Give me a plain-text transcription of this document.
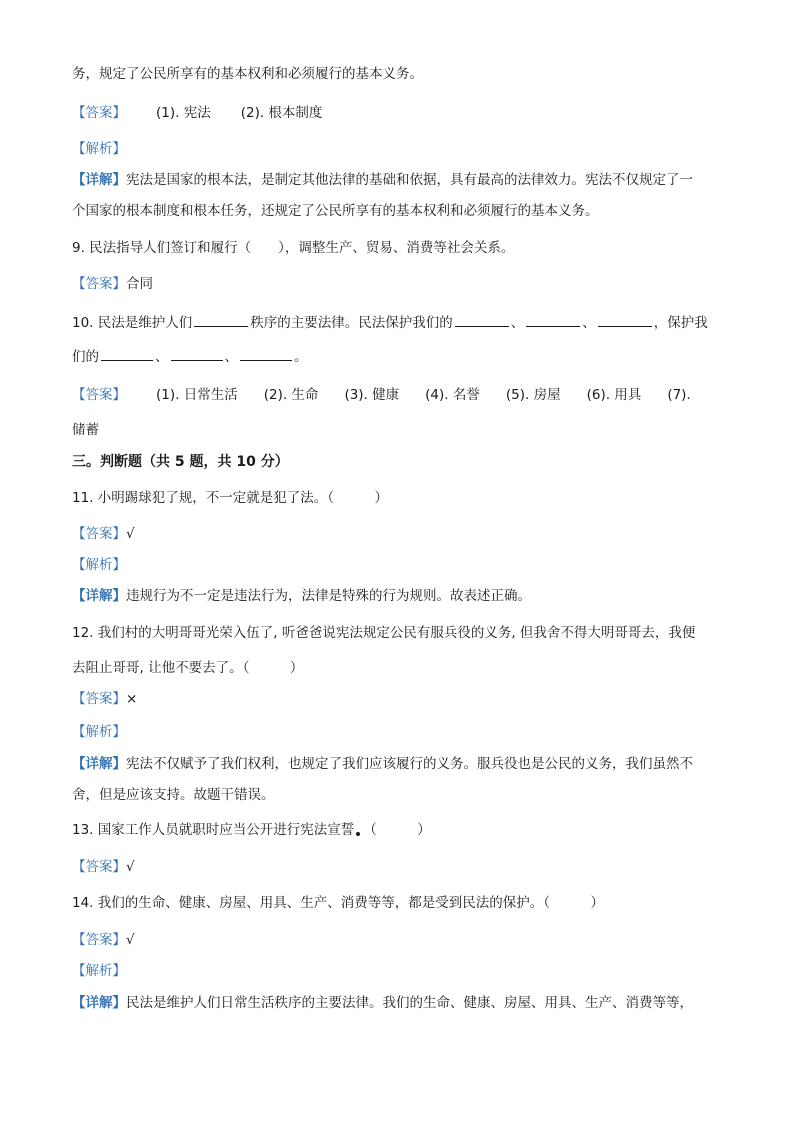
务，规定了公民所享有的基本权利和必须履行的基本义务。
【答案】 (1). 宪法 (2). 根本制度
【解析】
【详解】宪法是国家的根本法，是制定其他法律的基础和依据，具有最高的法律效力。宪法不仅规定了一
个国家的根本制度和根本任务，还规定了公民所享有的基本权利和必须履行的基本义务。
9. 民法指导人们签订和履行（　　），调整生产、贸易、消费等社会关系。
【答案】合同
10. 民法是维护人们	秩序的主要法律。民法保护我们的	、	、	，保护我
们的	、	、	。
【答案】 (1). 日常生活 (2). 生命 (3). 健康 (4). 名誉 (5). 房屋 (6). 用具 (7).
储蓄
三。判断题（共 5 题，共 10 分）
11. 小明踢球犯了规，不一定就是犯了法。（　　　）
【答案】√
【解析】
【详解】违规行为不一定是违法行为，法律是特殊的行为规则。故表述正确。
12. 我们村的大明哥哥光荣入伍了, 听爸爸说宪法规定公民有服兵役的义务, 但我舍不得大明哥哥去，我便
去阻止哥哥, 让他不要去了。（　　　）
【答案】×
【解析】
【详解】宪法不仅赋予了我们权利，也规定了我们应该履行的义务。服兵役也是公民的义务，我们虽然不
舍，但是应该支持。故题干错误。
13. 国家工作人员就职时应当公开进行宪法宣誓 （　　　）
【答案】√
14. 我们的生命、健康、房屋、用具、生产、消费等等，都是受到民法的保护。（　　　）
【答案】√
【解析】
【详解】民法是维护人们日常生活秩序的主要法律。我们的生命、健康、房屋、用具、生产、消费等等，
